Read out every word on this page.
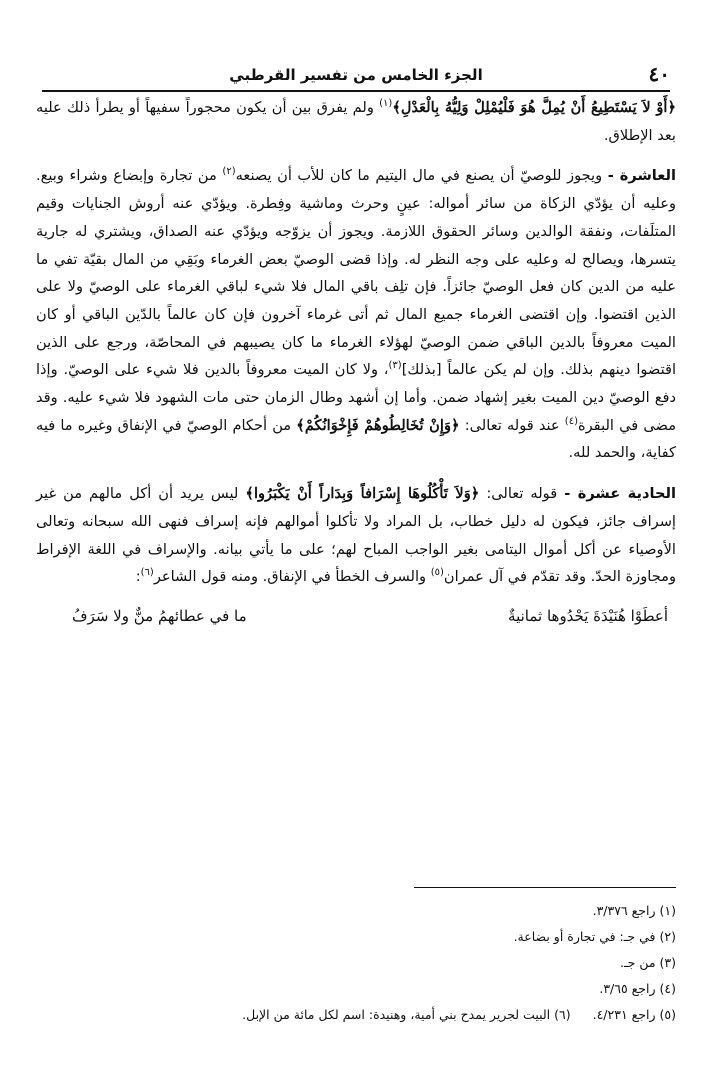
٤٠
الجزء الخامس من تفسير القرطبي

﴿أَوْ لاَ يَسْتَطِيعُ أَنْ يُمِلَّ هُوَ فَلْيُمْلِلْ وَلِيُّهُ بِالْعَدْلِ﴾$^{(١)}$ ولم يفرق بين أن يكون محجوراً سفيهاً أو يطرأ ذلك عليه بعد الإطلاق.

العاشرة - ويجوز للوصيّ أن يصنع في مال اليتيم ما كان للأب أن يصنعه$^{(٢)}$ من تجارة وإبضاع وشراء وبيع. وعليه أن يؤدّي الزكاة من سائر أمواله: عينٍ وحرث وماشية وفِطرة. ويؤدّي عنه أروش الجنايات وقيم المتلَفات، ونفقة الوالدين وسائر الحقوق اللازمة. ويجوز أن يزوّجه ويؤدّي عنه الصداق، ويشتري له جارية يتسرها، ويصالح له وعليه على وجه النظر له. وإذا قضى الوصيّ بعض الغرماء وبَقِي من المال بقيّة تفي ما عليه من الدين كان فعل الوصيّ جائزاً. فإن تلِف باقي المال فلا شيء لباقي الغرماء على الوصيّ ولا على الذين اقتضوا. وإن اقتضى الغرماء جميع المال ثم أتى غرماء آخرون فإن كان عالماً بالدّين الباقي أو كان الميت معروفاً بالدين الباقي ضمن الوصيّ لهؤلاء الغرماء ما كان يصيبهم في المحاصّة، ورجع على الذين اقتضوا دينهم بذلك. وإن لم يكن عالماً [بذلك]$^{(٣)}$، ولا كان الميت معروفاً بالدين فلا شيء على الوصيّ. وإذا دفع الوصيّ دين الميت بغير إشهاد ضمن. وأما إن أشهد وطال الزمان حتى مات الشهود فلا شيء عليه. وقد مضى في البقرة$^{(٤)}$ عند قوله تعالى: ﴿وَإِنْ تُخَالِطُوهُمْ فَإِخْوَانُكُمْ﴾ من أحكام الوصيّ في الإنفاق وغيره ما فيه كفاية، والحمد لله.

الحادية عشرة - قوله تعالى: ﴿وَلاَ تَأْكُلُوهَا إِسْرَافاً وَبِدَاراً أَنْ يَكْبَرُوا﴾ ليس يريد أن أكل مالهم من غير إسراف جائز، فيكون له دليل خطاب، بل المراد ولا تأكلوا أموالهم فإنه إسراف فنهى الله سبحانه وتعالى الأوصياء عن أكل أموال اليتامى بغير الواجب المباح لهم؛ على ما يأتي بيانه. والإسراف في اللغة الإفراط ومجاوزة الحدّ. وقد تقدّم في آل عمران$^{(٥)}$ والسرف الخطأ في الإنفاق. ومنه قول الشاعر$^{(٦)}$:

أعطَوْا هُنَيْدَةَ يَحْدُوها ثمانيةٌ
ما في عطائهمُ منٌّ ولا سَرَفُ
(١) راجع ٣/٣٧٦.
(٢) في جـ: في تجارة أو بضاعة.
(٣) من جـ.
(٤) راجع ٣/٦٥.
(٥) راجع ٤/٢٣١.
(٦) البيت لجرير يمدح بني أمية، وهنيدة: اسم لكل مائة من الإبل.
